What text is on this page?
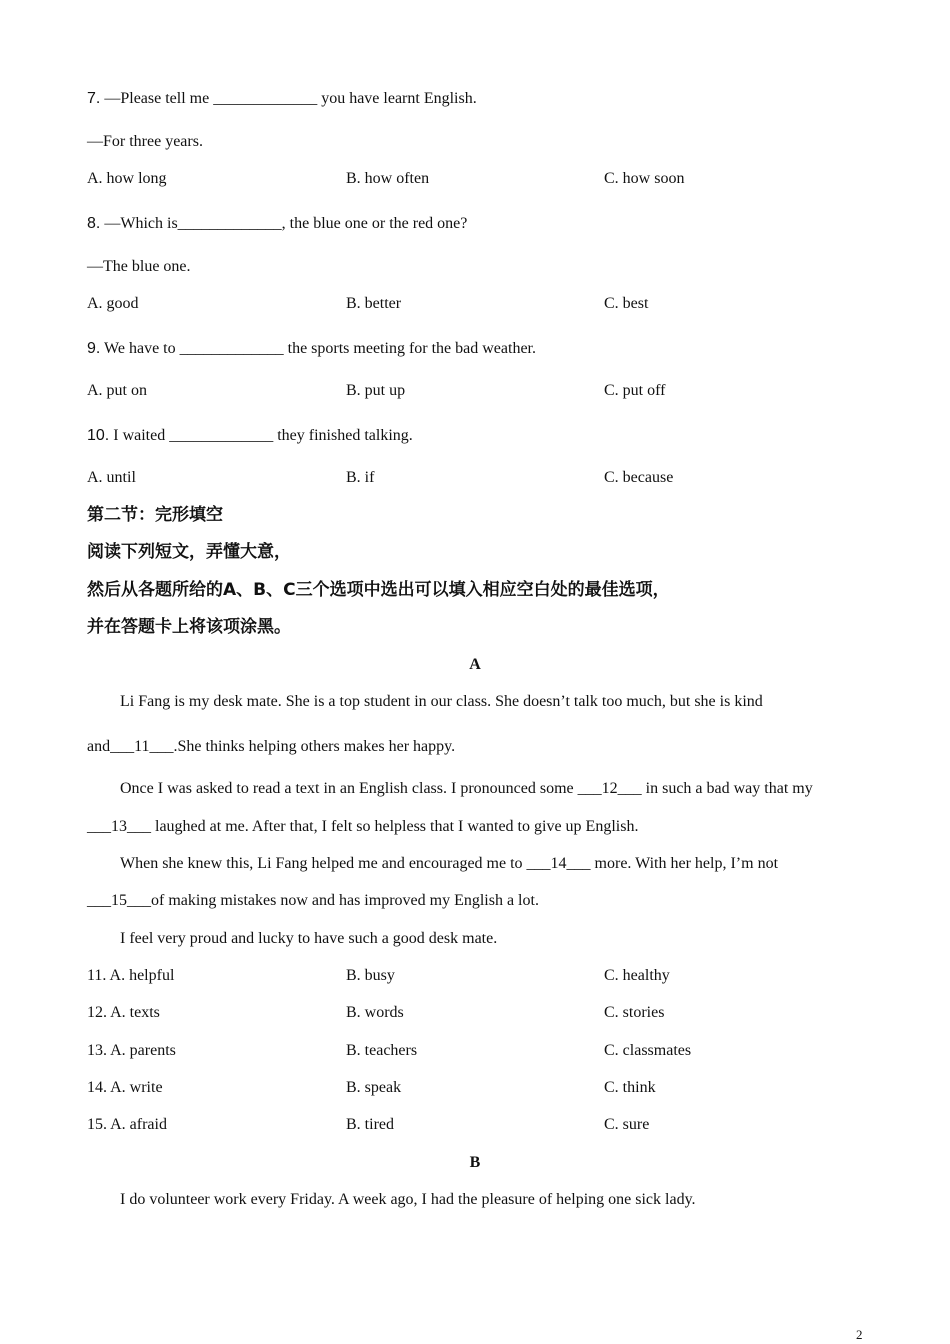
7. —Please tell me _____________ you have learnt English.
—For three years.
A. how long	B. how often	C. how soon
8. —Which is_____________, the blue one or the red one?
—The blue one.
A. good	B. better	C. best
9. We have to _____________ the sports meeting for the bad weather.
A. put on	B. put up	C. put off
10. I waited _____________ they finished talking.
A. until	B. if	C. because
第二节：完形填空
阅读下列短文，弄懂大意，
然后从各题所给的A、B、C三个选项中选出可以填入相应空白处的最佳选项，
并在答题卡上将该项涂黑。
A
Li Fang is my desk mate. She is a top student in our class. She doesn’t talk too much, but she is kind
and___11___.She thinks helping others makes her happy.
Once I was asked to read a text in an English class. I pronounced some ___12___ in such a bad way that my
___13___ laughed at me. After that, I felt so helpless that I wanted to give up English.
When she knew this, Li Fang helped me and encouraged me to ___14___ more. With her help, I’m not
___15___of making mistakes now and has improved my English a lot.
I feel very proud and lucky to have such a good desk mate.
11. A. helpful	B. busy	C. healthy
12. A. texts	B. words	C. stories
13. A. parents	B. teachers	C. classmates
14. A. write	B. speak	C. think
15. A. afraid	B. tired	C. sure
B
I do volunteer work every Friday. A week ago, I had the pleasure of helping one sick lady.
2
